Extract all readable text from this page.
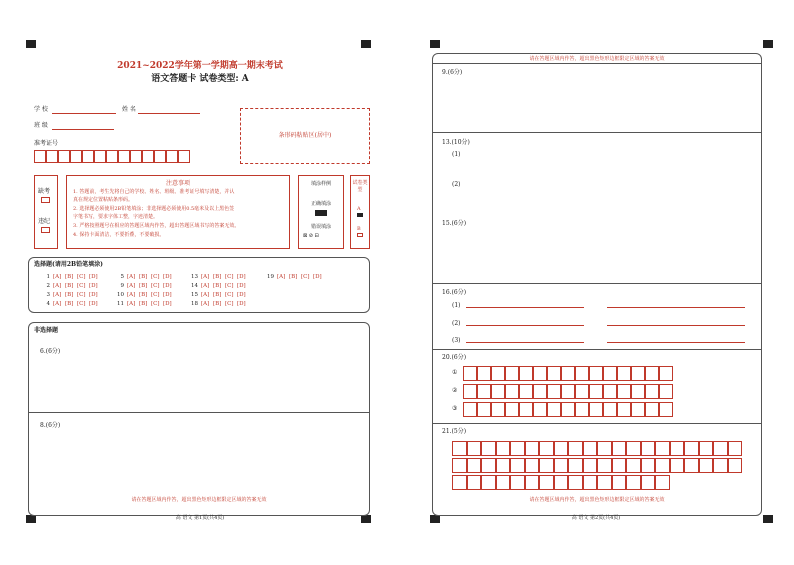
2021~2022学年第一学期高一期末考试
语文答题卡 试卷类型: A
学 校	姓 名
班 级
准考证号
条形码粘贴区(居中)
缺考
违纪
注意事项
1. 答题前，考生先将自己的学校、姓名、班级、准考证号填写清楚，并认
真在规定位置粘贴条形码。
2. 选择题必须使用2B铅笔填涂；非选择题必须使用0.5毫米及以上黑色签
字笔书写，要求字体工整，字迹清楚。
3. 严格按照题号在相应的答题区域内作答，超出答题区域书写的答案无效。
4. 保持卡面清洁，不要折叠，不要破损。
填涂样例
正确填涂
错误填涂
⊠ ⊘ ⊟
试卷类型
A
B
选择题(请用2B铅笔填涂)
1 [A] [B] [C] [D]
2 [A] [B] [C] [D]
3 [A] [B] [C] [D]
4 [A] [B] [C] [D]
5 [A] [B] [C] [D]
9 [A] [B] [C] [D]
10 [A] [B] [C] [D]
11 [A] [B] [C] [D]
13 [A] [B] [C] [D]
14 [A] [B] [C] [D]
15 [A] [B] [C] [D]
18 [A] [B] [C] [D]
19 [A] [B] [C] [D]
非选择题
6.(6分)
8.(6分)
请在答题区域内作答，超出黑色矩形边框限定区域的答案无效
高 语文 第1页(共4页)
请在答题区域内作答，超出黑色矩形边框限定区域的答案无效
9.(6分)
13.(10分)
(1)
(2)
15.(6分)
16.(6分)
(1)
(2)
(3)
20.(6分)
①
②
③
21.(5分)
请在答题区域内作答，超出黑色矩形边框限定区域的答案无效
高 语文 第2页(共4页)
